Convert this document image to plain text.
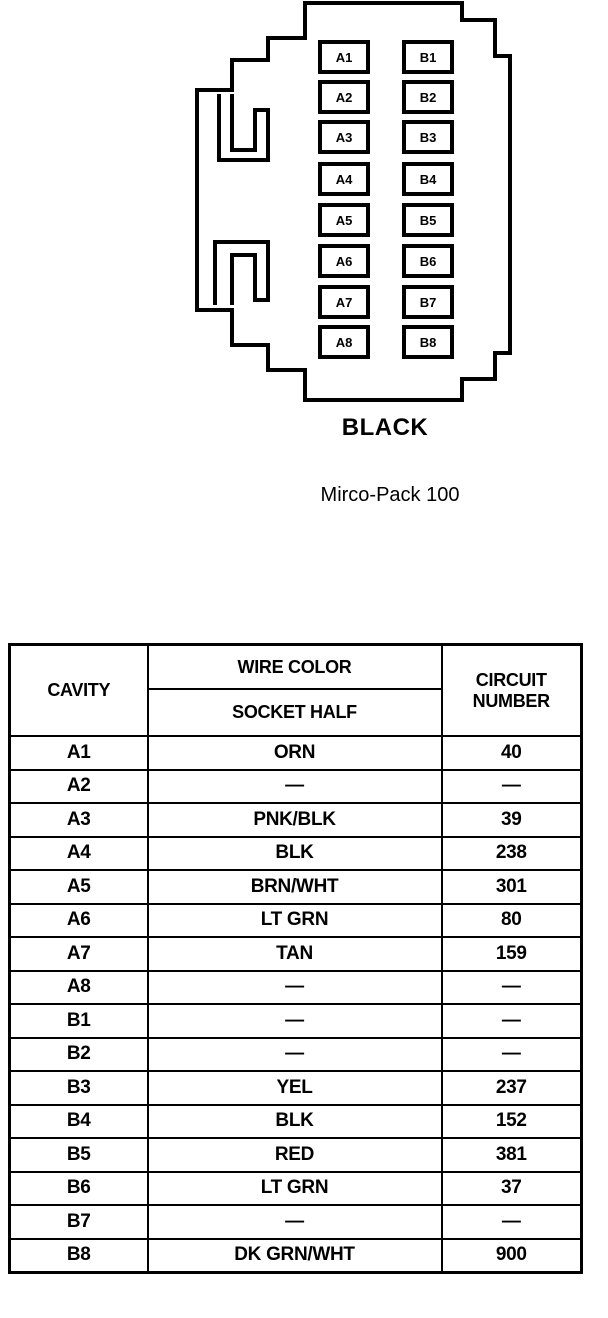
A1
A2
A3
A4
A5
A6
A7
A8
B1
B2
B3
B4
B5
B6
B7
B8
BLACK
Mirco-Pack 100
CAVITY	WIRE COLOR	CIRCUIT
NUMBER
	SOCKET HALF	
A1	ORN	40
A2	—	—
A3	PNK/BLK	39
A4	BLK	238
A5	BRN/WHT	301
A6	LT GRN	80
A7	TAN	159
A8	—	—
B1	—	—
B2	—	—
B3	YEL	237
B4	BLK	152
B5	RED	381
B6	LT GRN	37
B7	—	—
B8	DK GRN/WHT	900
